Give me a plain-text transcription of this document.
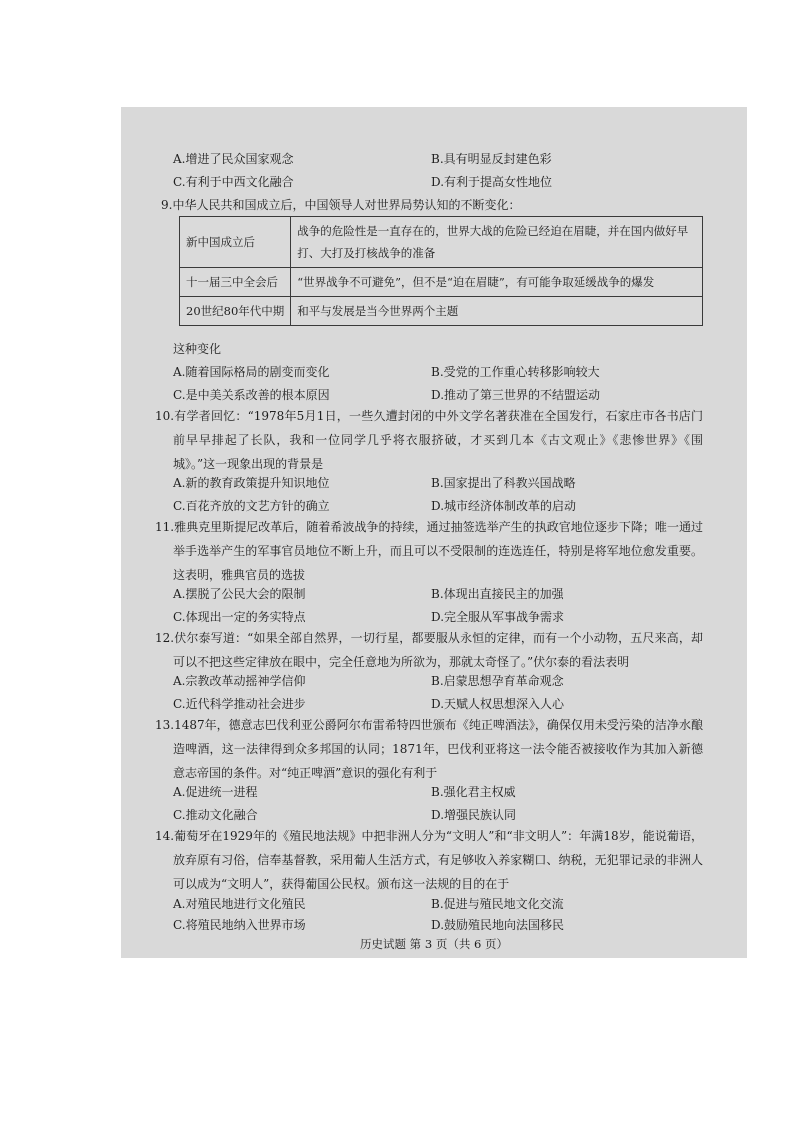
A.增进了民众国家观念	B.具有明显反封建色彩
C.有利于中西文化融合	D.有利于提高女性地位
9.中华人民共和国成立后，中国领导人对世界局势认知的不断变化：
新中国成立后	战争的危险性是一直存在的，世界大战的危险已经迫在眉睫，并在国内做好早打、大打及打核战争的准备
十一届三中全会后	“世界战争不可避免”，但不是“迫在眉睫”，有可能争取延缓战争的爆发
20世纪80年代中期	和平与发展是当今世界两个主题
这种变化
A.随着国际格局的剧变而变化	B.受党的工作重心转移影响较大
C.是中美关系改善的根本原因	D.推动了第三世界的不结盟运动
10.有学者回忆：“1978年5月1日，一些久遭封闭的中外文学名著获准在全国发行，石家庄市各书店门前早早排起了长队，我和一位同学几乎将衣服挤破，才买到几本《古文观止》《悲惨世界》《围城》。”这一现象出现的背景是
A.新的教育政策提升知识地位	B.国家提出了科教兴国战略
C.百花齐放的文艺方针的确立	D.城市经济体制改革的启动
11.雅典克里斯提尼改革后，随着希波战争的持续，通过抽签选举产生的执政官地位逐步下降；唯一通过举手选举产生的军事官员地位不断上升，而且可以不受限制的连选连任，特别是将军地位愈发重要。这表明，雅典官员的选拔
A.摆脱了公民大会的限制	B.体现出直接民主的加强
C.体现出一定的务实特点	D.完全服从军事战争需求
12.伏尔泰写道：“如果全部自然界，一切行星，都要服从永恒的定律，而有一个小动物，五尺来高，却可以不把这些定律放在眼中，完全任意地为所欲为，那就太奇怪了。”伏尔泰的看法表明
A.宗教改革动摇神学信仰	B.启蒙思想孕育革命观念
C.近代科学推动社会进步	D.天赋人权思想深入人心
13.1487年，德意志巴伐利亚公爵阿尔布雷希特四世颁布《纯正啤酒法》，确保仅用未受污染的洁净水酿造啤酒，这一法律得到众多邦国的认同；1871年，巴伐利亚将这一法令能否被接收作为其加入新德意志帝国的条件。对“纯正啤酒”意识的强化有利于
A.促进统一进程	B.强化君主权威
C.推动文化融合	D.增强民族认同
14.葡萄牙在1929年的《殖民地法规》中把非洲人分为“文明人”和“非文明人”：年满18岁，能说葡语，放弃原有习俗，信奉基督教，采用葡人生活方式，有足够收入养家糊口、纳税，无犯罪记录的非洲人可以成为“文明人”，获得葡国公民权。颁布这一法规的目的在于
A.对殖民地进行文化殖民	B.促进与殖民地文化交流
C.将殖民地纳入世界市场	D.鼓励殖民地向法国移民
历史试题 第 3 页（共 6 页）
